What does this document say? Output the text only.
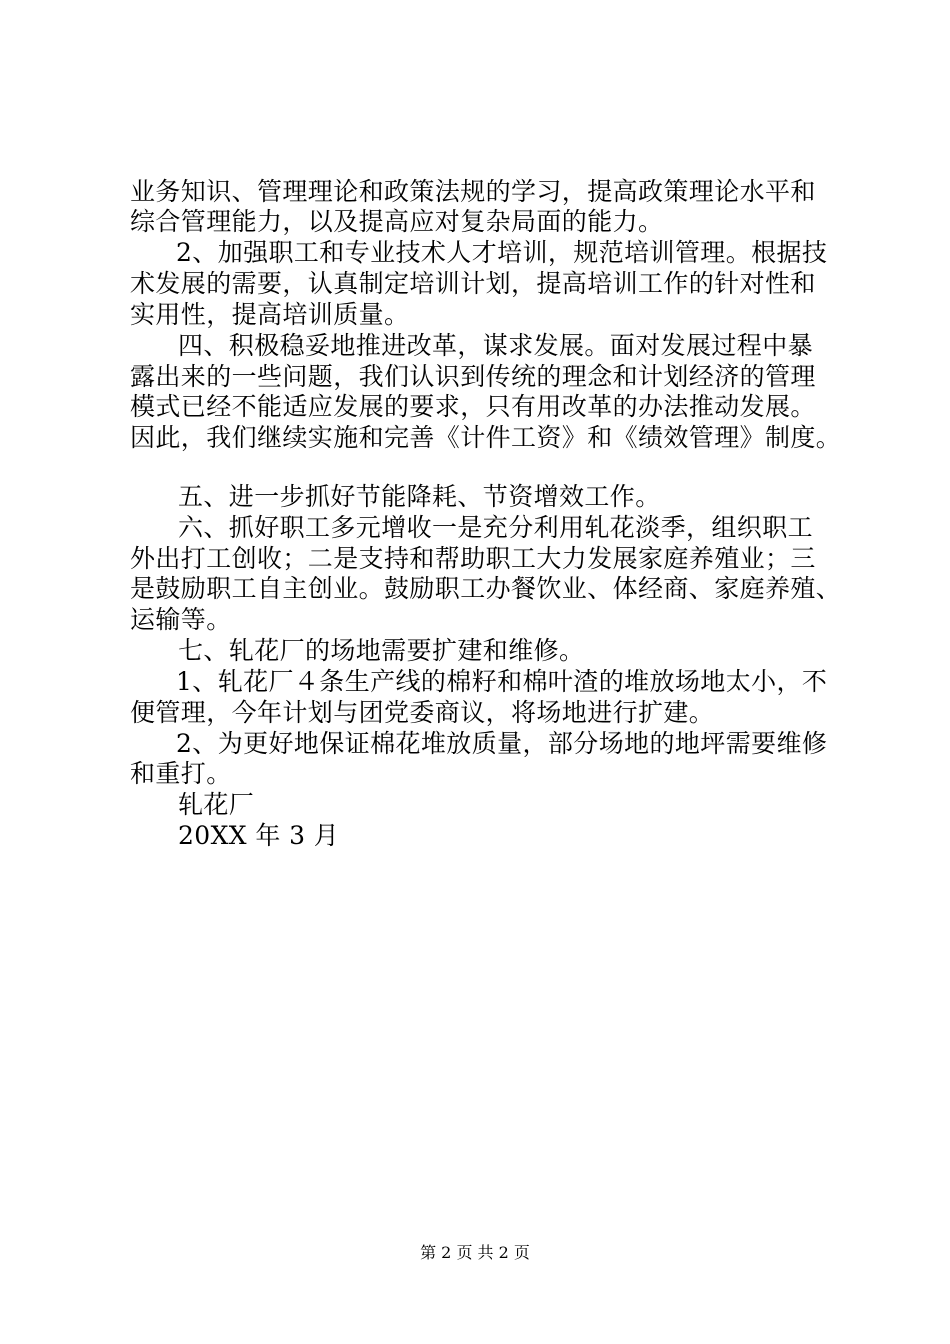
业务知识、管理理论和政策法规的学习，提高政策理论水平和
综合管理能力，以及提高应对复杂局面的能力。
2、加强职工和专业技术人才培训，规范培训管理。根据技
术发展的需要，认真制定培训计划，提高培训工作的针对性和
实用性，提高培训质量。
四、积极稳妥地推进改革，谋求发展。面对发展过程中暴
露出来的一些问题，我们认识到传统的理念和计划经济的管理
模式已经不能适应发展的要求，只有用改革的办法推动发展。
因此，我们继续实施和完善《计件工资》和《绩效管理》制度。
五、进一步抓好节能降耗、节资增效工作。
六、抓好职工多元增收一是充分利用轧花淡季，组织职工
外出打工创收；二是支持和帮助职工大力发展家庭养殖业；三
是鼓励职工自主创业。鼓励职工办餐饮业、体经商、家庭养殖、
运输等。
七、轧花厂的场地需要扩建和维修。
1、轧花厂４条生产线的棉籽和棉叶渣的堆放场地太小，不
便管理，今年计划与团党委商议，将场地进行扩建。
2、为更好地保证棉花堆放质量，部分场地的地坪需要维修
和重打。
轧花厂
20XX 年 3 月
第 2 页 共 2 页
